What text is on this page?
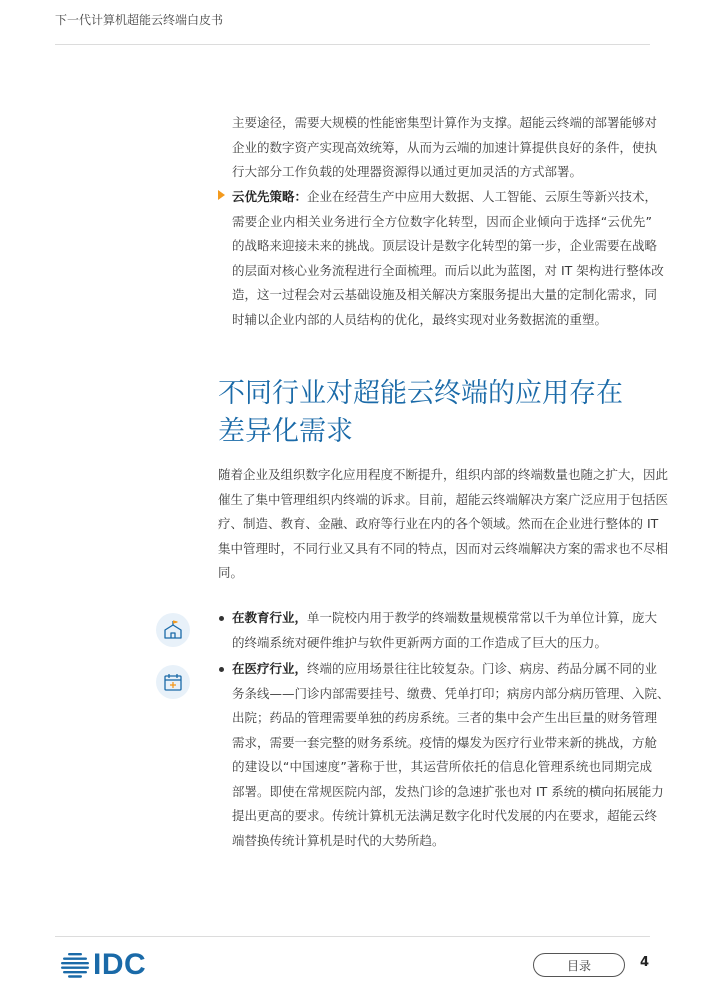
下一代计算机超能云终端白皮书
主要途径，需要大规模的性能密集型计算作为支撑。超能云终端的部署能够对
企业的数字资产实现高效统筹，从而为云端的加速计算提供良好的条件，使执
行大部分工作负载的处理器资源得以通过更加灵活的方式部署。
云优先策略：企业在经营生产中应用大数据、人工智能、云原生等新兴技术，
需要企业内相关业务进行全方位数字化转型，因而企业倾向于选择“云优先”
的战略来迎接未来的挑战。顶层设计是数字化转型的第一步，企业需要在战略
的层面对核心业务流程进行全面梳理。而后以此为蓝图，对 IT 架构进行整体改
造，这一过程会对云基础设施及相关解决方案服务提出大量的定制化需求，同
时辅以企业内部的人员结构的优化，最终实现对业务数据流的重塑。
不同行业对超能云终端的应用存在
差异化需求
随着企业及组织数字化应用程度不断提升，组织内部的终端数量也随之扩大，因此
催生了集中管理组织内终端的诉求。目前，超能云终端解决方案广泛应用于包括医
疗、制造、教育、金融、政府等行业在内的各个领域。然而在企业进行整体的 IT
集中管理时，不同行业又具有不同的特点，因而对云终端解决方案的需求也不尽相
同。
在教育行业，单一院校内用于教学的终端数量规模常常以千为单位计算，庞大
的终端系统对硬件维护与软件更新两方面的工作造成了巨大的压力。
在医疗行业，终端的应用场景往往比较复杂。门诊、病房、药品分属不同的业
务条线——门诊内部需要挂号、缴费、凭单打印；病房内部分病历管理、入院、
出院；药品的管理需要单独的药房系统。三者的集中会产生出巨量的财务管理
需求，需要一套完整的财务系统。疫情的爆发为医疗行业带来新的挑战，方舱
的建设以“中国速度”著称于世，其运营所依托的信息化管理系统也同期完成
部署。即使在常规医院内部，发热门诊的急速扩张也对 IT 系统的横向拓展能力
提出更高的要求。传统计算机无法满足数字化时代发展的内在要求，超能云终
端替换传统计算机是时代的大势所趋。
IDC	目录	4
